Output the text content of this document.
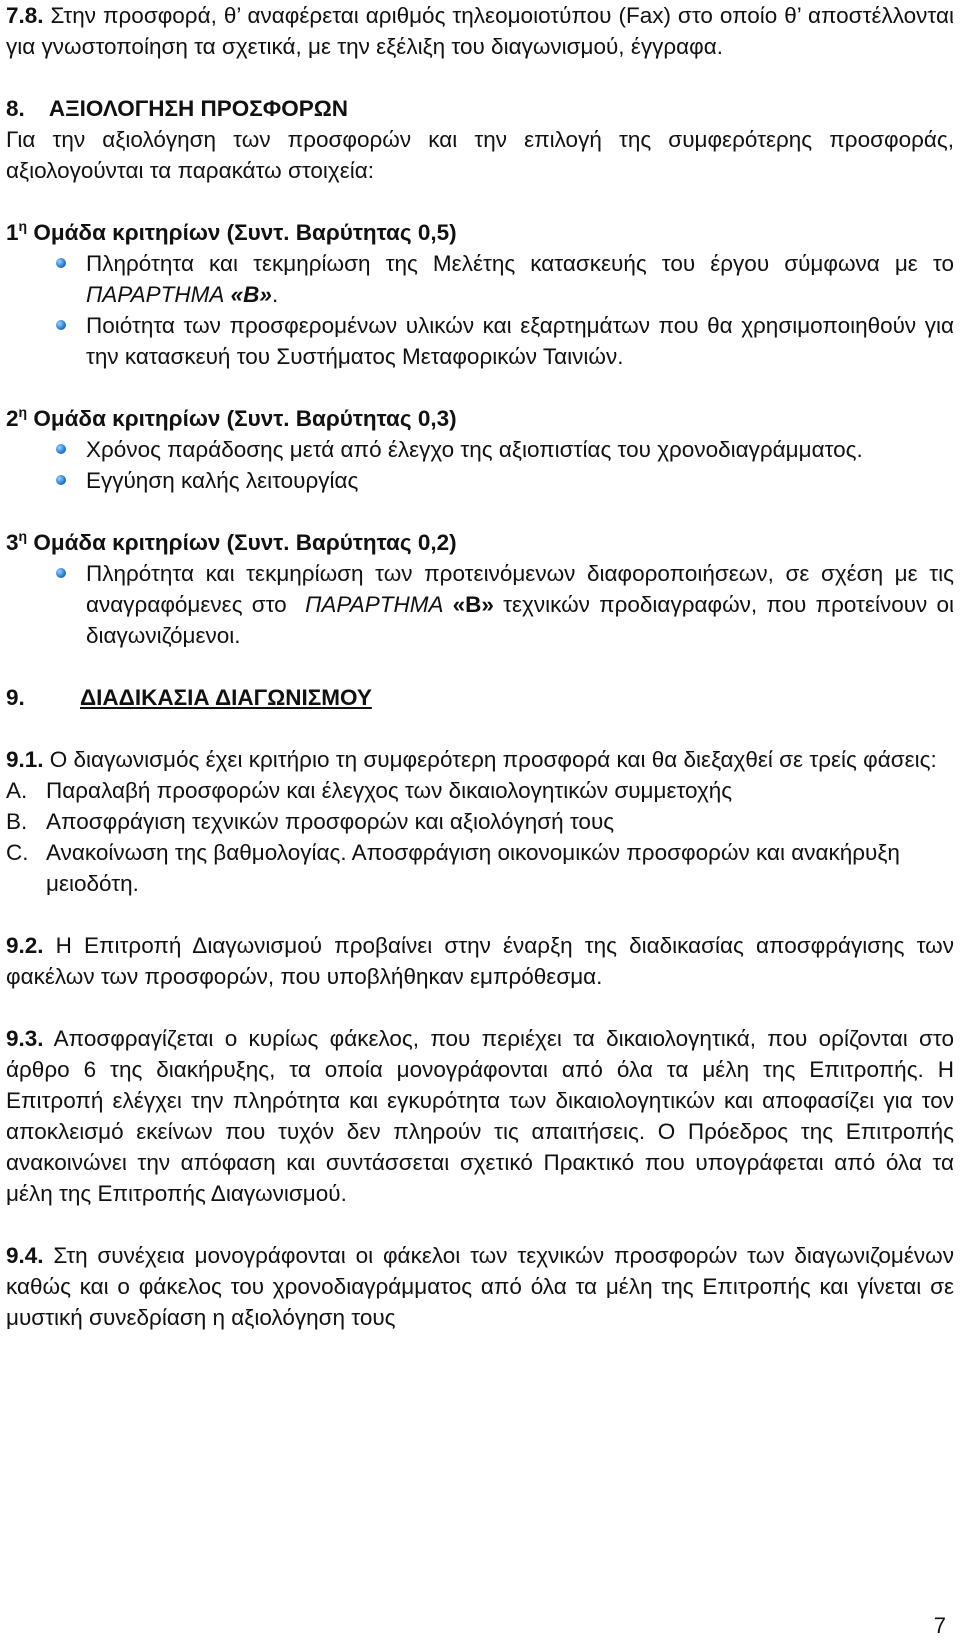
7.8. Στην προσφορά, θ’ αναφέρεται αριθμός τηλεομοιοτύπου (Fax) στο οποίο θ’ αποστέλλονται για γνωστοποίηση τα σχετικά, με την εξέλιξη του διαγωνισμού, έγγραφα.

8.    ΑΞΙΟΛΟΓΗΣΗ ΠΡΟΣΦΟΡΩΝ

Για την αξιολόγηση των προσφορών και την επιλογή της συμφερότερης προσφοράς, αξιολογούνται τα παρακάτω στοιχεία:

$1^\eta$ Ομάδα κριτηρίων (Συντ. Βαρύτητας 0,5)

Πληρότητα και τεκμηρίωση της Μελέτης κατασκευής του έργου σύμφωνα με το ΠΑΡΑΡΤΗΜΑ «Β».

Ποιότητα των προσφερομένων υλικών και εξαρτημάτων που θα χρησιμοποιηθούν για την κατασκευή του Συστήματος Μεταφορικών Ταινιών.

$2^\eta$ Ομάδα κριτηρίων (Συντ. Βαρύτητας 0,3)

Χρόνος παράδοσης μετά από έλεγχο της αξιοπιστίας του χρονοδιαγράμματος.

Εγγύηση καλής λειτουργίας

$3^\eta$ Ομάδα κριτηρίων (Συντ. Βαρύτητας 0,2)

Πληρότητα και τεκμηρίωση των προτεινόμενων διαφοροποιήσεων, σε σχέση με τις αναγραφόμενες στο  ΠΑΡΑΡΤΗΜΑ «Β» τεχνικών προδιαγραφών, που προτείνουν οι διαγωνιζόμενοι.

9.	ΔΙΑΔΙΚΑΣΙΑ ΔΙΑΓΩΝΙΣΜΟΥ

9.1. Ο διαγωνισμός έχει κριτήριο τη συμφερότερη προσφορά και θα διεξαχθεί σε τρείς φάσεις:

A. Παραλαβή προσφορών και έλεγχος των δικαιολογητικών συμμετοχής

B. Αποσφράγιση τεχνικών προσφορών και αξιολόγησή τους

C. Ανακοίνωση της βαθμολογίας. Αποσφράγιση οικονομικών προσφορών και ανακήρυξη μειοδότη.

9.2. Η Επιτροπή Διαγωνισμού προβαίνει στην έναρξη της διαδικασίας αποσφράγισης των φακέλων των προσφορών, που υποβλήθηκαν εμπρόθεσμα.

9.3. Αποσφραγίζεται ο κυρίως φάκελος, που περιέχει τα δικαιολογητικά, που ορίζονται στο άρθρο 6 της διακήρυξης, τα οποία μονογράφονται από όλα τα μέλη της Επιτροπής. Η Επιτροπή ελέγχει την πληρότητα και εγκυρότητα των δικαιολογητικών και αποφασίζει για τον αποκλεισμό εκείνων που τυχόν δεν πληρούν τις απαιτήσεις. Ο Πρόεδρος της Επιτροπής ανακοινώνει την απόφαση και συντάσσεται σχετικό Πρακτικό που υπογράφεται από όλα τα μέλη της Επιτροπής Διαγωνισμού.

9.4. Στη συνέχεια μονογράφονται οι φάκελοι των τεχνικών προσφορών των διαγωνιζομένων καθώς και ο φάκελος του χρονοδιαγράμματος από όλα τα μέλη της Επιτροπής και γίνεται σε μυστική συνεδρίαση η αξιολόγηση τους

7
